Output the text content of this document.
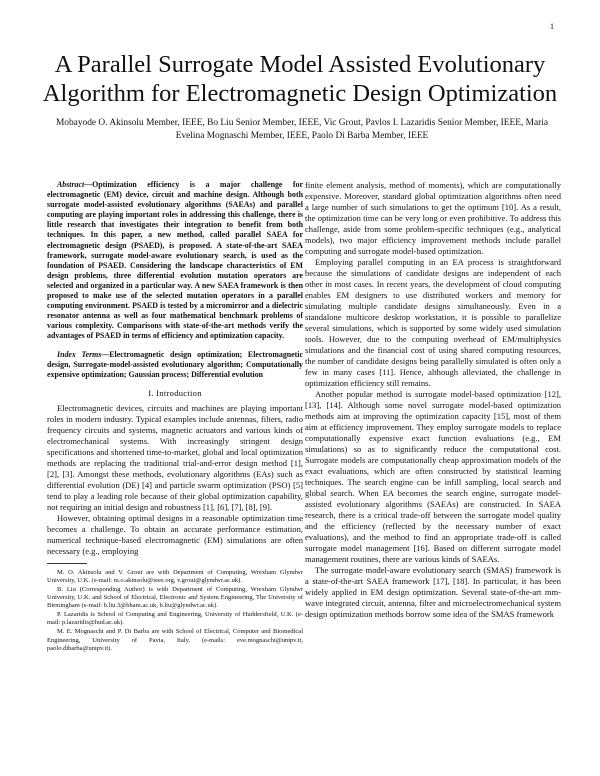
1
A Parallel Surrogate Model Assisted Evolutionary Algorithm for Electromagnetic Design Optimization
Mobayode O. Akinsolu Member, IEEE, Bo Liu Senior Member, IEEE, Vic Grout, Pavlos I. Lazaridis Senior Member, IEEE, Maria Evelina Mognaschi Member, IEEE, Paolo Di Barba Member, IEEE

Abstract—Optimization efficiency is a major challenge for electromagnetic (EM) device, circuit and machine design. Although both surrogate model-assisted evolutionary algorithms (SAEAs) and parallel computing are playing important roles in addressing this challenge, there is little research that investigates their integration to benefit from both techniques. In this paper, a new method, called parallel SAEA for electromagnetic design (PSAED), is proposed. A state-of-the-art SAEA framework, surrogate model-aware evolutionary search, is used as the foundation of PSAED. Considering the landscape characteristics of EM design problems, three differential evolution mutation operators are selected and organized in a particular way. A new SAEA framework is then proposed to make use of the selected mutation operators in a parallel computing environment. PSAED is tested by a micromirror and a dielectric resonator antenna as well as four mathematical benchmark problems of various complexity. Comparisons with state-of-the-art methods verify the advantages of PSAED in terms of efficiency and optimization capacity.

Index Terms—Electromagnetic design optimization; Electromagnetic design, Surrogate-model-assisted evolutionary algorithm; Computationally expensive optimization; Gaussian process; Differential evolution

I. Introduction

Electromagnetic devices, circuits and machines are playing important roles in modern industry. Typical examples include antennas, filters, radio frequency circuits and systems, magnetic actuators and various kinds of electromechanical systems. With increasingly stringent design specifications and shortened time-to-market, global and local optimization methods are replacing the traditional trial-and-error design method [1], [2], [3]. Amongst these methods, evolutionary algorithms (EAs) such as differential evolution (DE) [4] and particle swarm optimization (PSO) [5] tend to play a leading role because of their global optimization capability, not requiring an initial design and robustness [1], [6], [7], [8], [9].

However, obtaining optimal designs in a reasonable optimization time becomes a challenge. To obtain an accurate performance estimation, numerical technique-based electromagnetic (EM) simulations are often necessary (e.g., employing

M. O. Akinsolu and V. Grout are with Department of Computing, Wrexham Glyndwr University, U.K. (e-mail: m.o.akinsolu@ieee.org, v.grout@glyndwr.ac.uk).

B. Liu (Corresponding Author) is with Department of Computing, Wrexham Glyndwr University, U.K. and School of Electrical, Electronic and System Engineering, The University of Birmingham (e-mail: b.liu.3@bham.ac.uk, b.liu@glyndwr.ac.uk).

P. Lazaridis is School of Computing and Engineering, University of Huddersfield, U.K. (e-mail: p.lazaridis@hud.ac.uk).

M. E. Mognaschi and P. Di Barba are with School of Electrical, Computer and Biomedical Engineering, University of Pavia, Italy. (e-mails: eve.mognaschi@unipv.it, paolo.dibarba@unipv.it).

finite element analysis, method of moments), which are computationally expensive. Moreover, standard global optimization algorithms often need a large number of such simulations to get the optimum [10]. As a result, the optimization time can be very long or even prohibitive. To address this challenge, aside from some problem-specific techniques (e.g., analytical models), two major efficiency improvement methods include parallel computing and surrogate model-based optimization.

Employing parallel computing in an EA process is straightforward because the simulations of candidate designs are independent of each other in most cases. In recent years, the development of cloud computing enables EM designers to use distributed workers and memory for simulating multiple candidate designs simultaneously. Even in a standalone multicore desktop workstation, it is possible to parallelize several simulations, which is supported by some widely used simulation tools. However, due to the computing overhead of EM/multiphysics simulations and the financial cost of using shared computing resources, the number of candidate designs being parallelly simulated is often only a few in many cases [11]. Hence, although alleviated, the challenge in optimization efficiency still remains.

Another popular method is surrogate model-based optimization [12], [13], [14]. Although some novel surrogate model-based optimization methods aim at improving the optimization capacity [15], most of them aim at efficiency improvement. They employ surrogate models to replace computationally expensive exact function evaluations (e.g., EM simulations) so as to significantly reduce the computational cost. Surrogate models are computationally cheap approximation models of the exact evaluations, which are often constructed by statistical learning techniques. The search engine can be infill sampling, local search and global search. When EA becomes the search engine, surrogate model-assisted evolutionary algorithms (SAEAs) are constructed. In SAEA research, there is a critical trade-off between the surrogate model quality and the efficiency (reflected by the necessary number of exact evaluations), and the method to find an appropriate trade-off is called surrogate model management [16]. Based on different surrogate model management routines, there are various kinds of SAEAs.

The surrogate model-aware evolutionary search (SMAS) framework is a state-of-the-art SAEA framework [17], [18]. In particular, it has been widely applied in EM design optimization. Several state-of-the-art mm-wave integrated circuit, antenna, filter and microelectromechanical system design optimization methods borrow some idea of the SMAS framework
